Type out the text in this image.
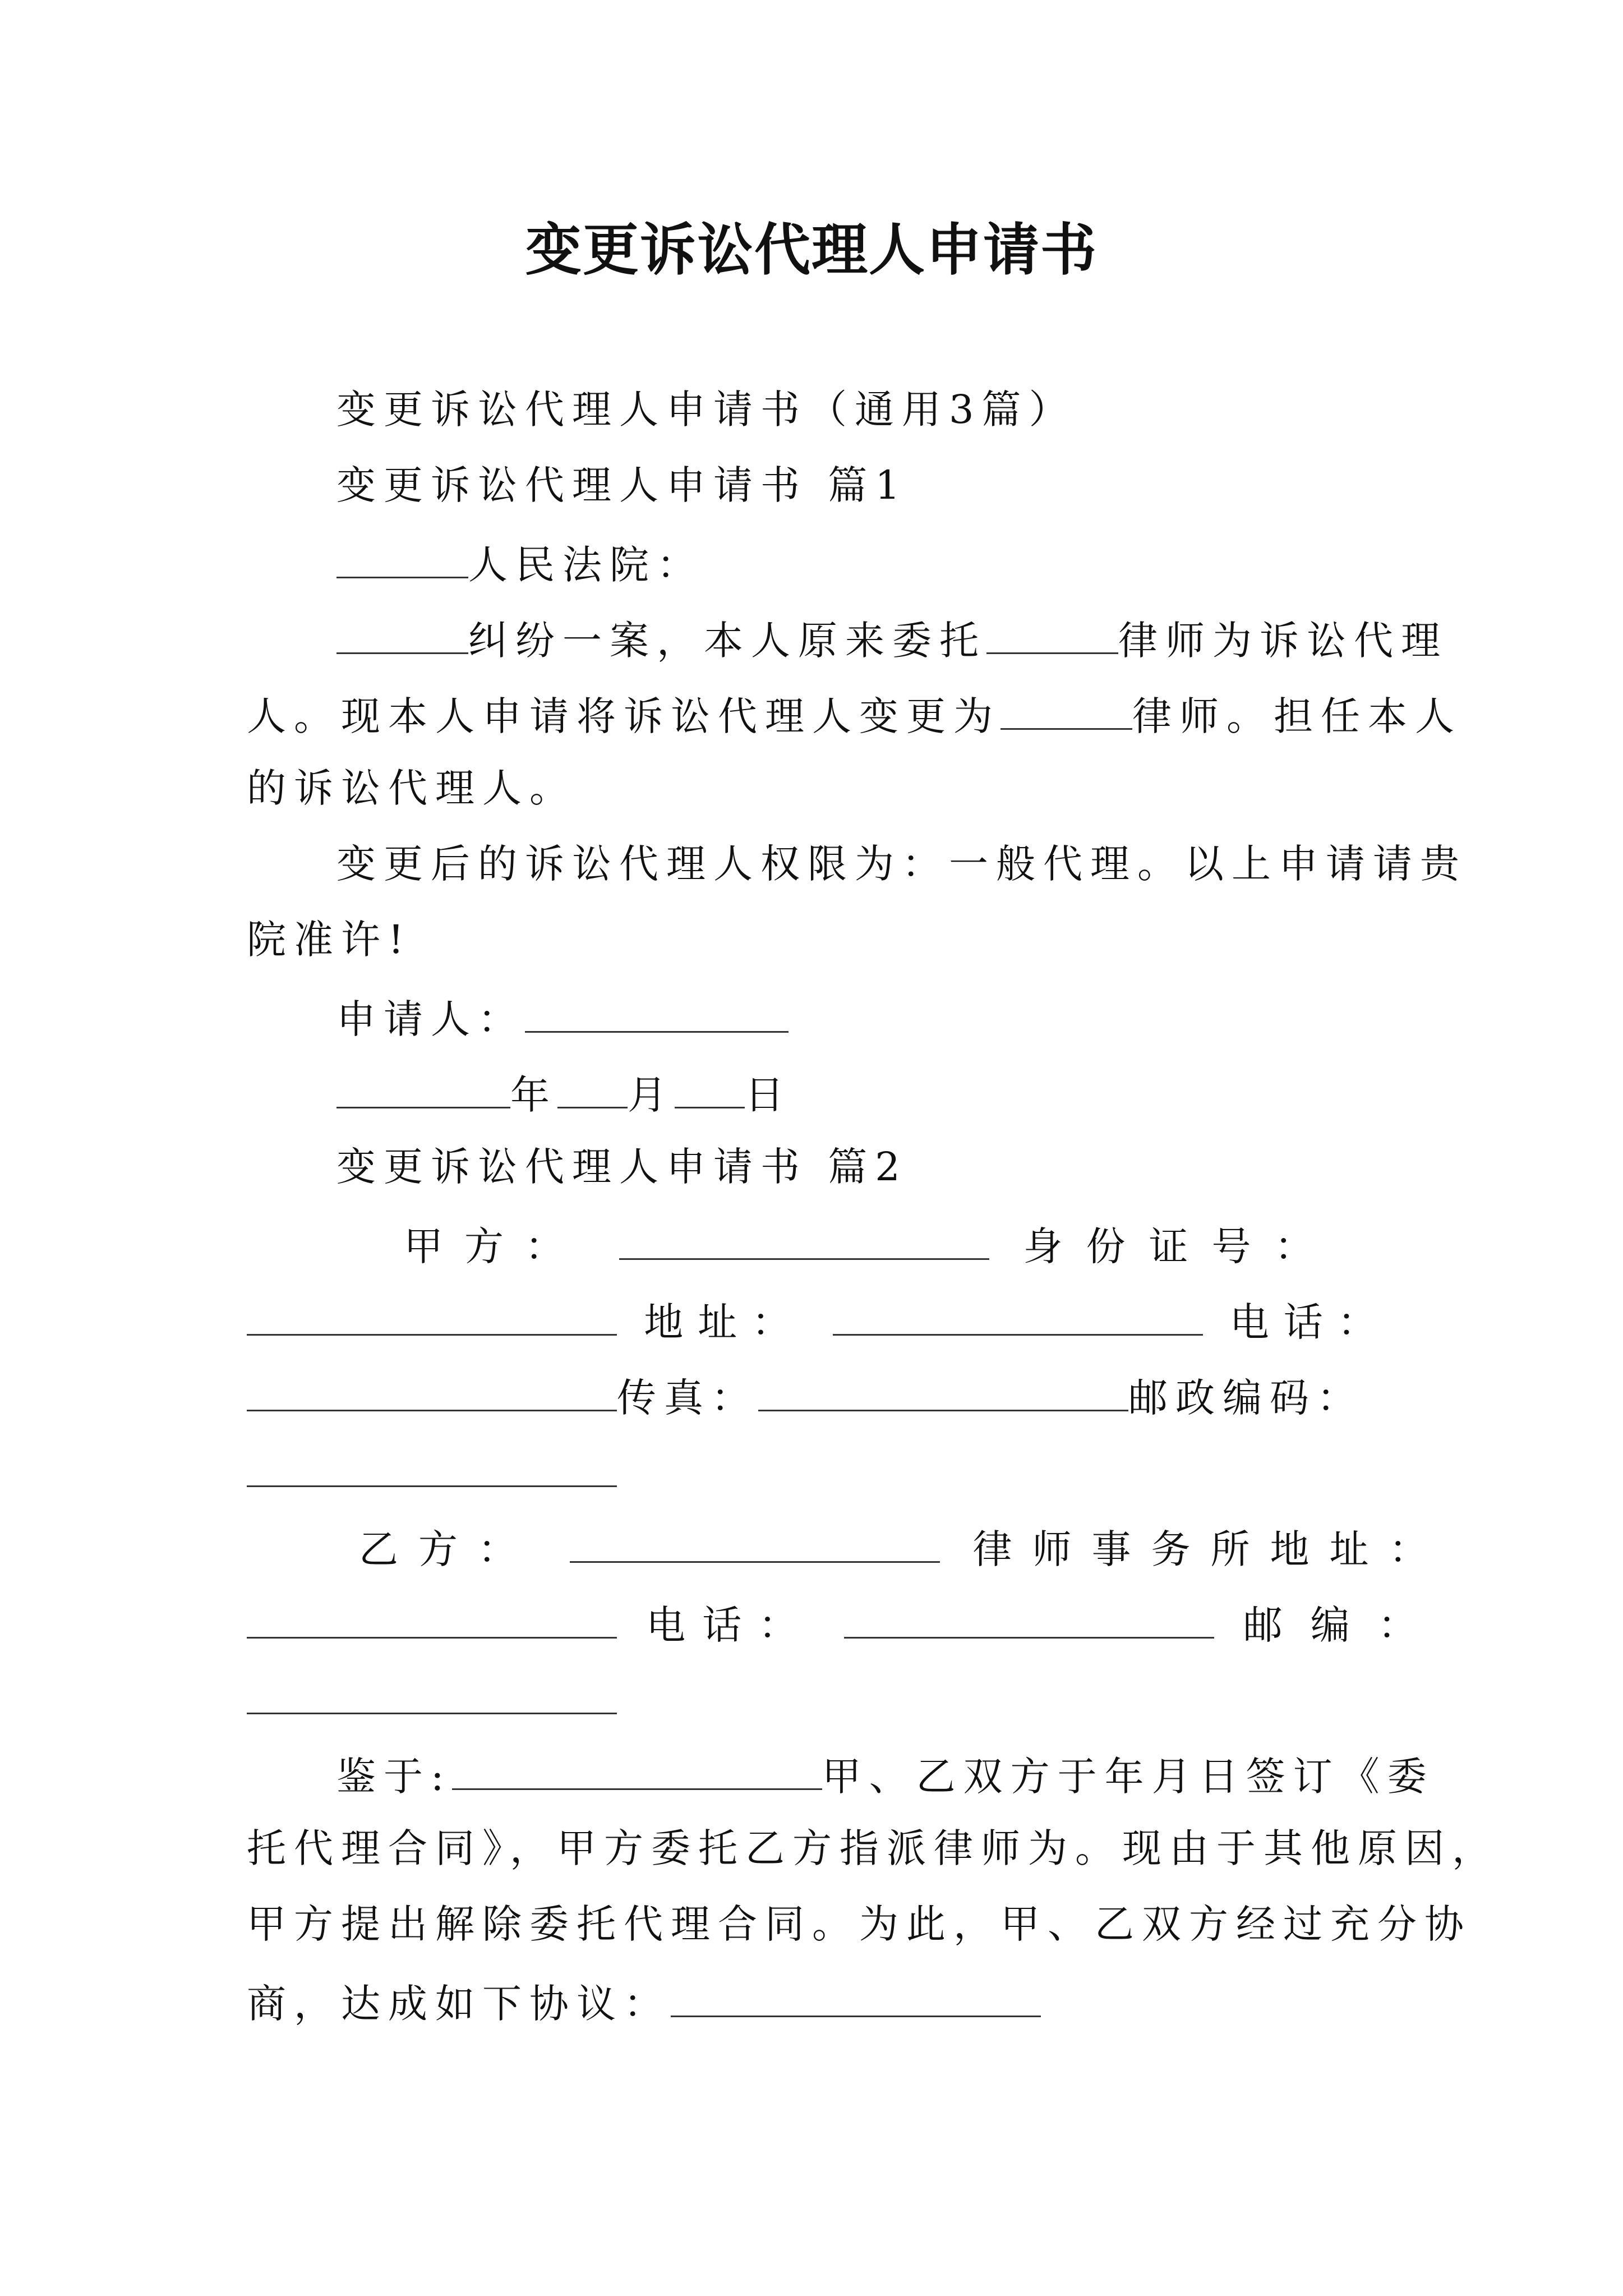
变更诉讼代理人申请书
变更诉讼代理人申请书（通用3篇）
变更诉讼代理人申请书 篇1
人民法院：
纠纷一案，本人原来委托	律师为诉讼代理
人。现本人申请将诉讼代理人变更为	律师。担任本人
的诉讼代理人。
变更后的诉讼代理人权限为：一般代理。以上申请请贵
院准许!
申请人：
年 月 日
变更诉讼代理人申请书 篇2
甲方：	身份证号：
地址：	电话：
传真：	邮政编码：
乙方：	律师事务所地址：
电话：	邮编：
鉴于:	甲、乙双方于年月日签订《委
托代理合同》，甲方委托乙方指派律师为。现由于其他原因，
甲方提出解除委托代理合同。为此，甲、乙双方经过充分协
商，达成如下协议：
